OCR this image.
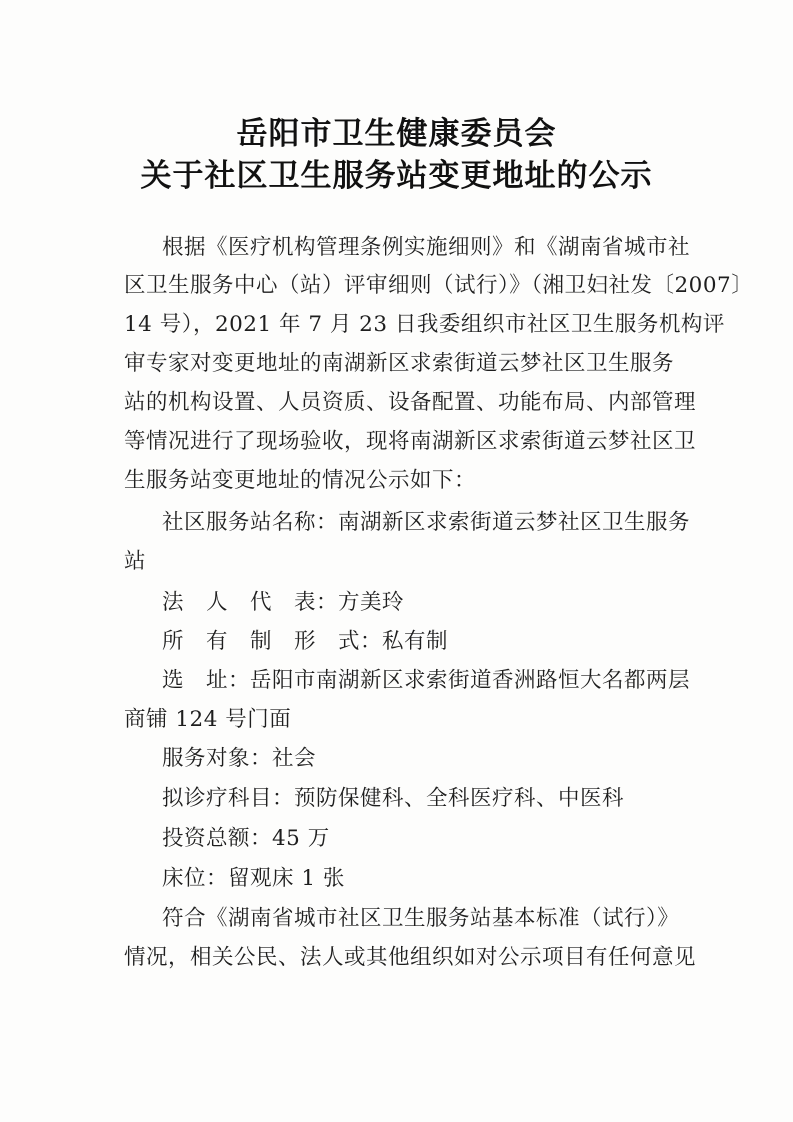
岳阳市卫生健康委员会
关于社区卫生服务站变更地址的公示
根据《医疗机构管理条例实施细则》和《湖南省城市社
区卫生服务中心（站）评审细则（试行）》（湘卫妇社发〔2007〕
14 号），2021 年 7 月 23 日我委组织市社区卫生服务机构评
审专家对变更地址的南湖新区求索街道云梦社区卫生服务
站的机构设置、人员资质、设备配置、功能布局、内部管理
等情况进行了现场验收，现将南湖新区求索街道云梦社区卫
生服务站变更地址的情况公示如下：
社区服务站名称：南湖新区求索街道云梦社区卫生服务
站
法　人　代　表：方美玲
所　有　制　形　式：私有制
选　址：岳阳市南湖新区求索街道香洲路恒大名都两层
商铺 124 号门面
服务对象：社会
拟诊疗科目：预防保健科、全科医疗科、中医科
投资总额：45 万
床位：留观床 1 张
符合《湖南省城市社区卫生服务站基本标准（试行）》
情况，相关公民、法人或其他组织如对公示项目有任何意见
